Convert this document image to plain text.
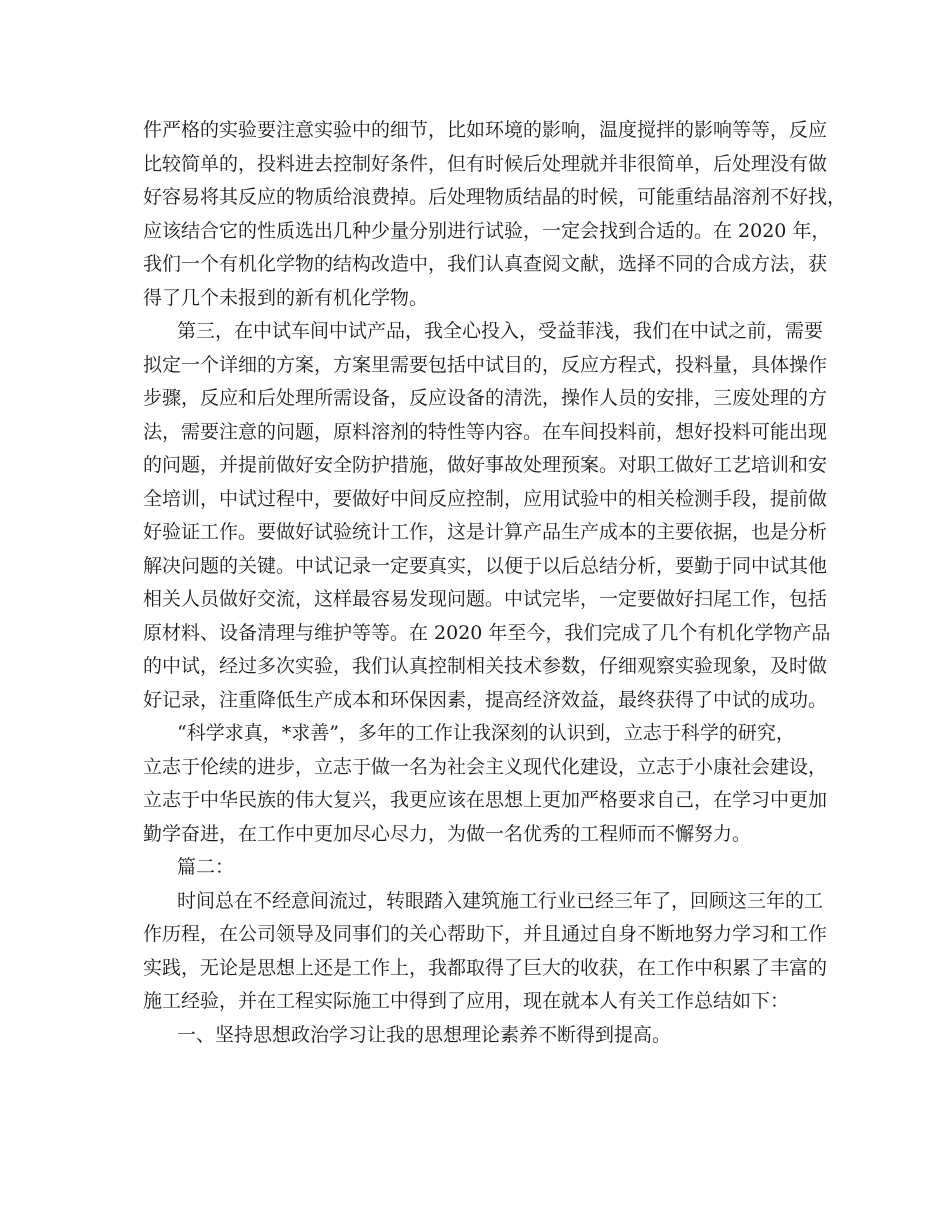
件严格的实验要注意实验中的细节，比如环境的影响，温度搅拌的影响等等，反应
比较简单的，投料进去控制好条件，但有时候后处理就并非很简单，后处理没有做
好容易将其反应的物质给浪费掉。后处理物质结晶的时候，可能重结晶溶剂不好找，
应该结合它的性质选出几种少量分别进行试验，一定会找到合适的。在 2020 年，
我们一个有机化学物的结构改造中，我们认真查阅文献，选择不同的合成方法，获
得了几个未报到的新有机化学物。
第三，在中试车间中试产品，我全心投入，受益菲浅，我们在中试之前，需要
拟定一个详细的方案，方案里需要包括中试目的，反应方程式，投料量，具体操作
步骤，反应和后处理所需设备，反应设备的清洗，操作人员的安排，三废处理的方
法，需要注意的问题，原料溶剂的特性等内容。在车间投料前，想好投料可能出现
的问题，并提前做好安全防护措施，做好事故处理预案。对职工做好工艺培训和安
全培训，中试过程中，要做好中间反应控制，应用试验中的相关检测手段，提前做
好验证工作。要做好试验统计工作，这是计算产品生产成本的主要依据，也是分析
解决问题的关键。中试记录一定要真实，以便于以后总结分析，要勤于同中试其他
相关人员做好交流，这样最容易发现问题。中试完毕，一定要做好扫尾工作，包括
原材料、设备清理与维护等等。在 2020 年至今，我们完成了几个有机化学物产品
的中试，经过多次实验，我们认真控制相关技术参数，仔细观察实验现象，及时做
好记录，注重降低生产成本和环保因素，提高经济效益，最终获得了中试的成功。
“科学求真，*求善”，多年的工作让我深刻的认识到，立志于科学的研究，
立志于伦续的进步，立志于做一名为社会主义现代化建设，立志于小康社会建设，
立志于中华民族的伟大复兴，我更应该在思想上更加严格要求自己，在学习中更加
勤学奋进，在工作中更加尽心尽力，为做一名优秀的工程师而不懈努力。
篇二：
时间总在不经意间流过，转眼踏入建筑施工行业已经三年了，回顾这三年的工
作历程，在公司领导及同事们的关心帮助下，并且通过自身不断地努力学习和工作
实践，无论是思想上还是工作上，我都取得了巨大的收获，在工作中积累了丰富的
施工经验，并在工程实际施工中得到了应用，现在就本人有关工作总结如下：
一、坚持思想政治学习让我的思想理论素养不断得到提高。
